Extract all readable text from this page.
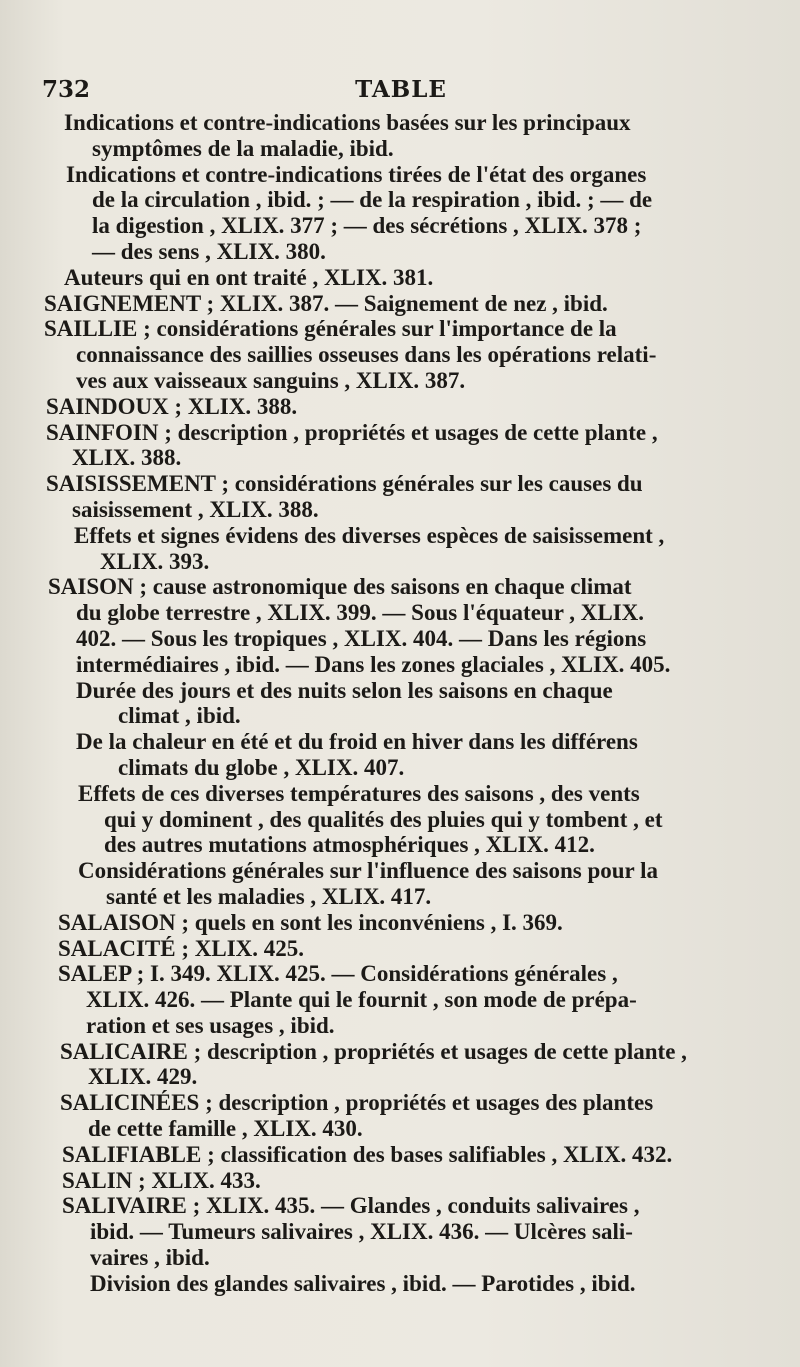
732	TABLE

Indications et contre-indications basées sur les principaux

symptômes de la maladie, ibid.

Indications et contre-indications tirées de l'état des organes

de la circulation , ibid. ; — de la respiration , ibid. ; — de

la digestion , XLIX. 377 ; — des sécrétions , XLIX. 378 ;

— des sens , XLIX. 380.

Auteurs qui en ont traité , XLIX. 381.

SAIGNEMENT ; XLIX. 387. — Saignement de nez , ibid.

SAILLIE ; considérations générales sur l'importance de la

connaissance des saillies osseuses dans les opérations relati-

ves aux vaisseaux sanguins , XLIX. 387.

SAINDOUX ; XLIX. 388.

SAINFOIN ; description , propriétés et usages de cette plante ,

XLIX. 388.

SAISISSEMENT ; considérations générales sur les causes du

saisissement , XLIX. 388.

Effets et signes évidens des diverses espèces de saisissement ,

XLIX. 393.

SAISON ; cause astronomique des saisons en chaque climat

du globe terrestre , XLIX. 399. — Sous l'équateur , XLIX.

402. — Sous les tropiques , XLIX. 404. — Dans les régions

intermédiaires , ibid. — Dans les zones glaciales , XLIX. 405.

Durée des jours et des nuits selon les saisons en chaque

climat , ibid.

De la chaleur en été et du froid en hiver dans les différens

climats du globe , XLIX. 407.

Effets de ces diverses températures des saisons , des vents

qui y dominent , des qualités des pluies qui y tombent , et

des autres mutations atmosphériques , XLIX. 412.

Considérations générales sur l'influence des saisons pour la

santé et les maladies , XLIX. 417.

SALAISON ; quels en sont les inconvéniens , I. 369.

SALACITÉ ; XLIX. 425.

SALEP ; I. 349. XLIX. 425. — Considérations générales ,

XLIX. 426. — Plante qui le fournit , son mode de prépa-

ration et ses usages , ibid.

SALICAIRE ; description , propriétés et usages de cette plante ,

XLIX. 429.

SALICINÉES ; description , propriétés et usages des plantes

de cette famille , XLIX. 430.

SALIFIABLE ; classification des bases salifiables , XLIX. 432.

SALIN ; XLIX. 433.

SALIVAIRE ; XLIX. 435. — Glandes , conduits salivaires ,

ibid. — Tumeurs salivaires , XLIX. 436. — Ulcères sali-

vaires , ibid.

Division des glandes salivaires , ibid. — Parotides , ibid.
